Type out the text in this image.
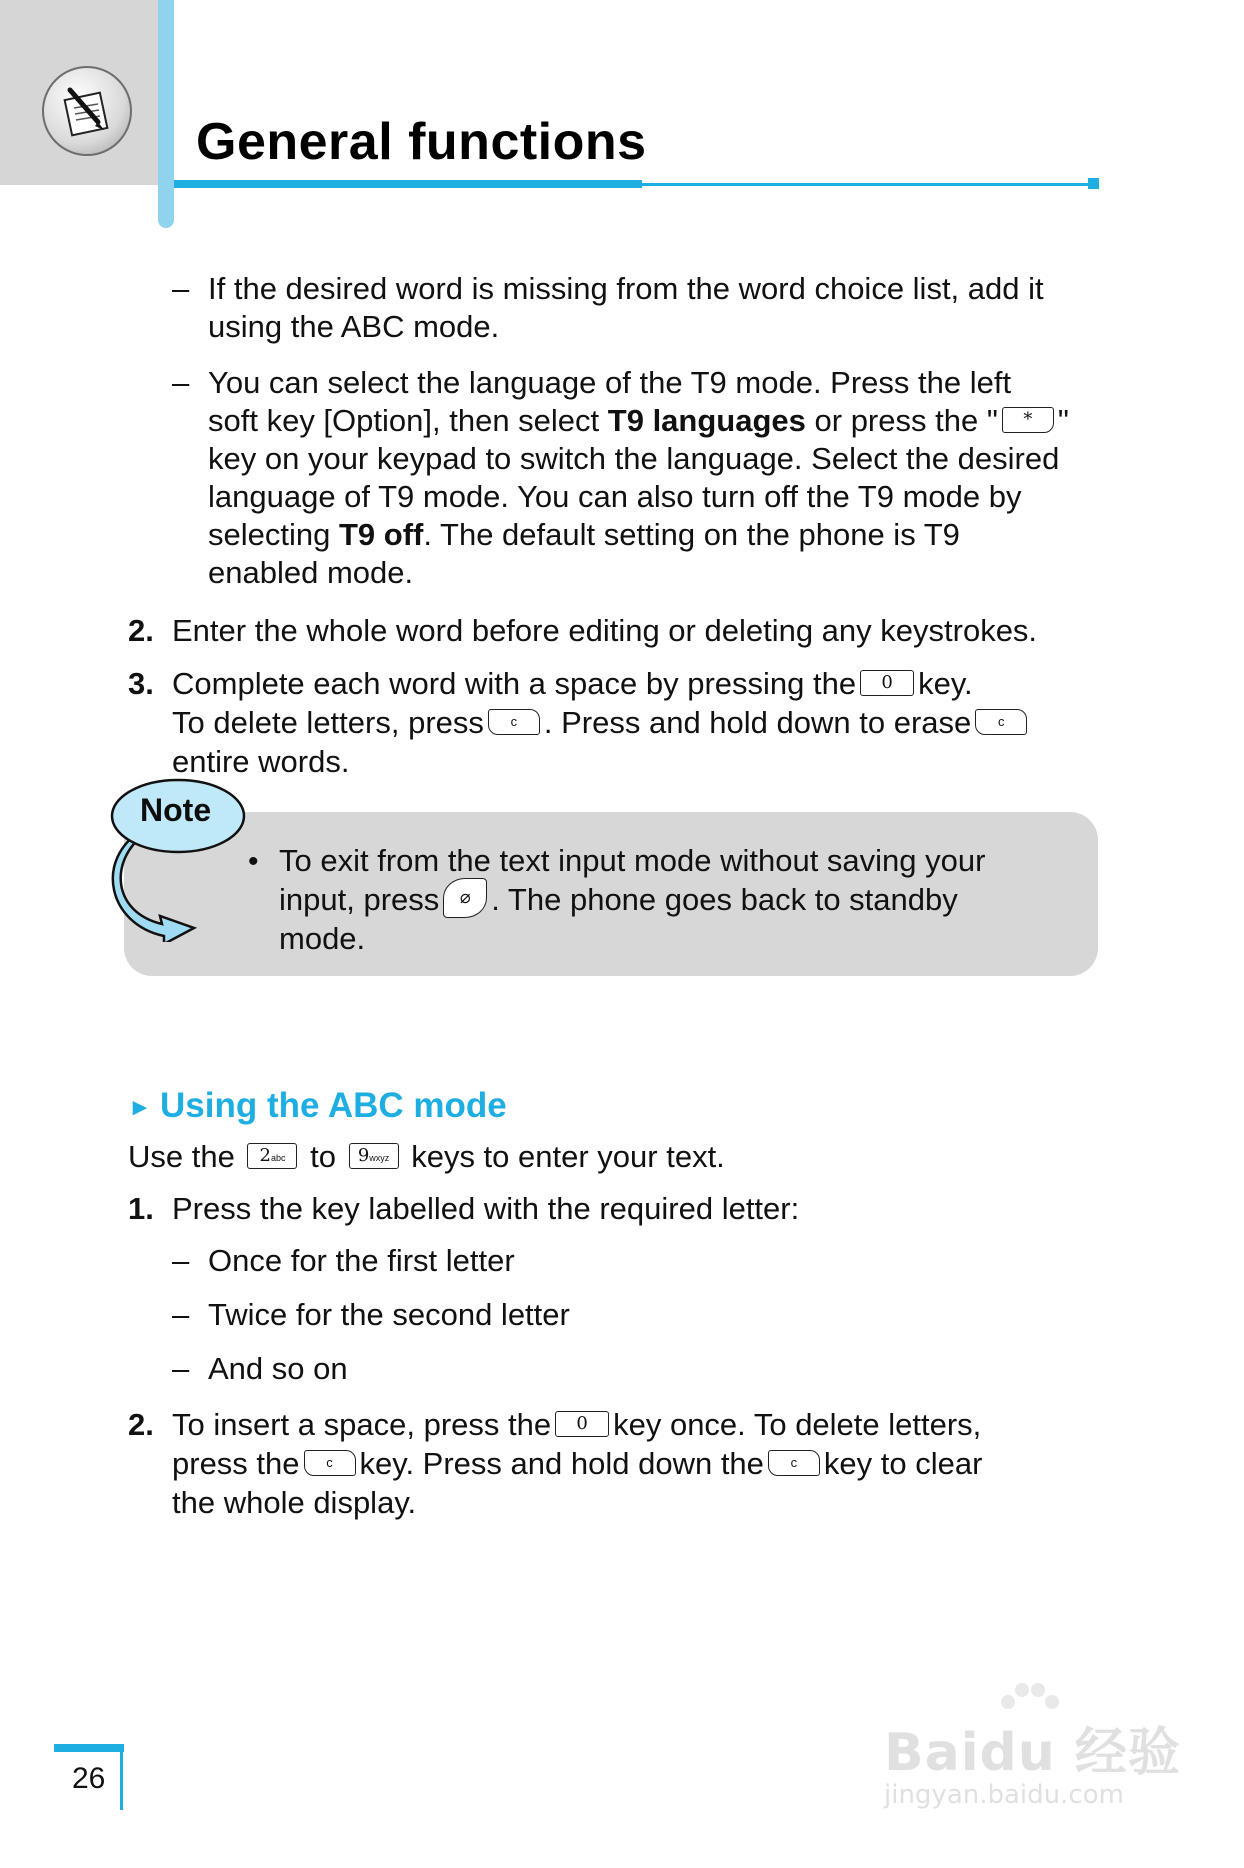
General functions
– If the desired word is missing from the word choice list, add it
using the ABC mode.
– You can select the language of the T9 mode. Press the left
soft key [Option], then select T9 languages or press the " * "
key on your keypad to switch the language. Select the desired
language of T9 mode. You can also turn off the T9 mode by
selecting T9 off. The default setting on the phone is T9
enabled mode.
2. Enter the whole word before editing or deleting any keystrokes.
3. Complete each word with a space by pressing the 0 key.
To delete letters, press c . Press and hold down to erase c
entire words.
Note
• To exit from the text input mode without saving your
input, press ⌀ . The phone goes back to standby
mode.
► Using the ABC mode
Use the 2abc to 9wxyz keys to enter your text.
1. Press the key labelled with the required letter:
– Once for the first letter
– Twice for the second letter
– And so on
2. To insert a space, press the 0 key once. To delete letters,
press the c key. Press and hold down the c key to clear
the whole display.
26	Baidu 经验
jingyan.baidu.com
